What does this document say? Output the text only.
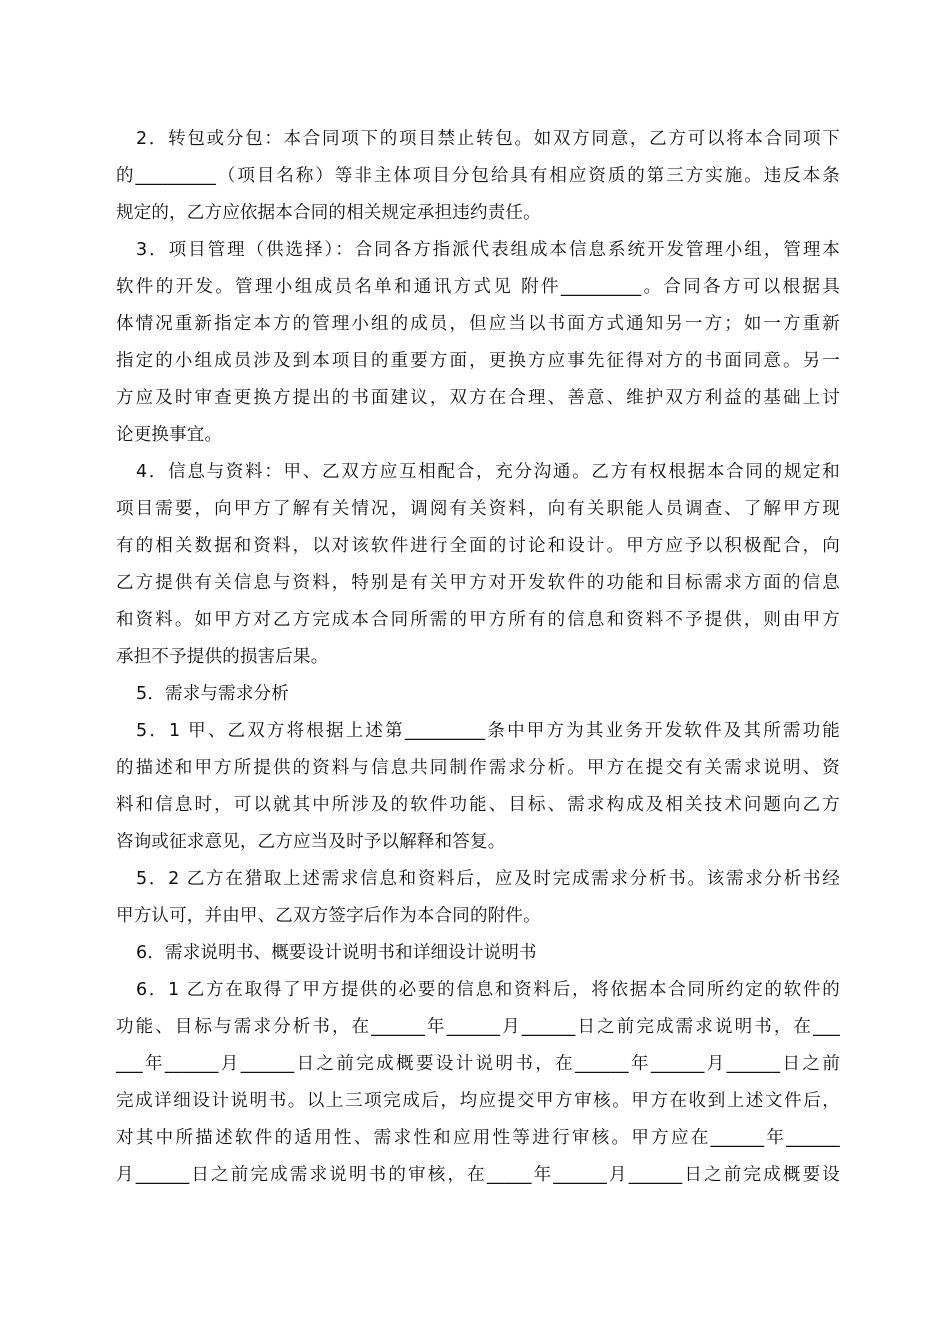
2．转包或分包：本合同项下的项目禁止转包。如双方同意，乙方可以将本合同项下
的_________（项目名称）等非主体项目分包给具有相应资质的第三方实施。违反本条
规定的，乙方应依据本合同的相关规定承担违约责任。
3．项目管理（供选择）：合同各方指派代表组成本信息系统开发管理小组，管理本
软件的开发。管理小组成员名单和通讯方式见 附件_________。合同各方可以根据具
体情况重新指定本方的管理小组的成员，但应当以书面方式通知另一方；如一方重新
指定的小组成员涉及到本项目的重要方面，更换方应事先征得对方的书面同意。另一
方应及时审查更换方提出的书面建议，双方在合理、善意、维护双方利益的基础上讨
论更换事宜。
4．信息与资料：甲、乙双方应互相配合，充分沟通。乙方有权根据本合同的规定和
项目需要，向甲方了解有关情况，调阅有关资料，向有关职能人员调查、了解甲方现
有的相关数据和资料，以对该软件进行全面的讨论和设计。甲方应予以积极配合，向
乙方提供有关信息与资料，特别是有关甲方对开发软件的功能和目标需求方面的信息
和资料。如甲方对乙方完成本合同所需的甲方所有的信息和资料不予提供，则由甲方
承担不予提供的损害后果。
5．需求与需求分析
5．1 甲、乙双方将根据上述第_________条中甲方为其业务开发软件及其所需功能
的描述和甲方所提供的资料与信息共同制作需求分析。甲方在提交有关需求说明、资
料和信息时，可以就其中所涉及的软件功能、目标、需求构成及相关技术问题向乙方
咨询或征求意见，乙方应当及时予以解释和答复。
5．2 乙方在猎取上述需求信息和资料后，应及时完成需求分析书。该需求分析书经
甲方认可，并由甲、乙双方签字后作为本合同的附件。
6．需求说明书、概要设计说明书和详细设计说明书
6．1 乙方在取得了甲方提供的必要的信息和资料后，将依据本合同所约定的软件的
功能、目标与需求分析书，在______年______月______日之前完成需求说明书，在___
___年______月______日之前完成概要设计说明书，在______年______月______日之前
完成详细设计说明书。以上三项完成后，均应提交甲方审核。甲方在收到上述文件后，
对其中所描述软件的适用性、需求性和应用性等进行审核。甲方应在______年______
月______日之前完成需求说明书的审核，在_____年______月______日之前完成概要设
